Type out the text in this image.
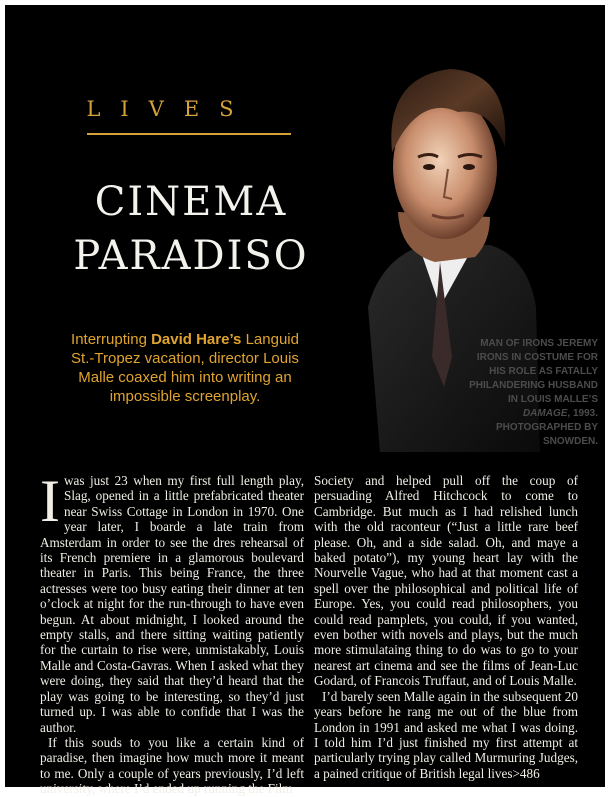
LIVES
CINEMA
PARADISO
Interrupting David Hare’s Languid St.-Tropez vacation, director Louis Malle coaxed him into writing an impossible screenplay.
MAN OF IRONS JEREMY IRONS IN COSTUME FOR HIS ROLE AS FATALLY PHILANDERING HUSBAND IN LOUIS MALLE’S DAMAGE, 1993. PHOTOGRAPHED BY SNOWDEN.

Iwas just 23 when my first full length play, Slag, opened in a little prefabricated theater near Swiss Cottage in London in 1970. One year later, I boarde a late train from Amsterdam in order to see the dres rehearsal of its French premiere in a glamorous boulevard theater in Paris. This being France, the three actresses were too busy eating their dinner at ten o’clock at night for the run-through to have even begun. At about midnight, I looked around the empty stalls, and there sitting waiting patiently for the curtain to rise were, unmistakably, Louis Malle and Costa-Gavras. When I asked what they were doing, they said that they’d heard that the play was going to be interesting, so they’d just turned up. I was able to confide that I was the author.

If this souds to you like a certain kind of paradise, then imagine how much more it meant to me. Only a couple of years previously, I’d left university, where I’d ended up running the Film

Society and helped pull off the coup of persuading Alfred Hitchcock to come to Cambridge. But much as I had relished lunch with the old raconteur (“Just a little rare beef please. Oh, and a side salad. Oh, and maye a baked potato”), my young heart lay with the Nourvelle Vague, who had at that moment cast a spell over the philosophical and political life of Europe. Yes, you could read philosophers, you could read pamplets, you could, if you wanted, even bother with novels and plays, but the much more stimulataing thing to do was to go to your nearest art cinema and see the films of Jean-Luc Godard, of Francois Truffaut, and of Louis Malle.

I’d barely seen Malle again in the subsequent 20 years before he rang me out of the blue from London in 1991 and asked me what I was doing. I told him I’d just finished my first attempt at particularly trying play called Murmuring Judges, a pained critique of British legal lives>486
